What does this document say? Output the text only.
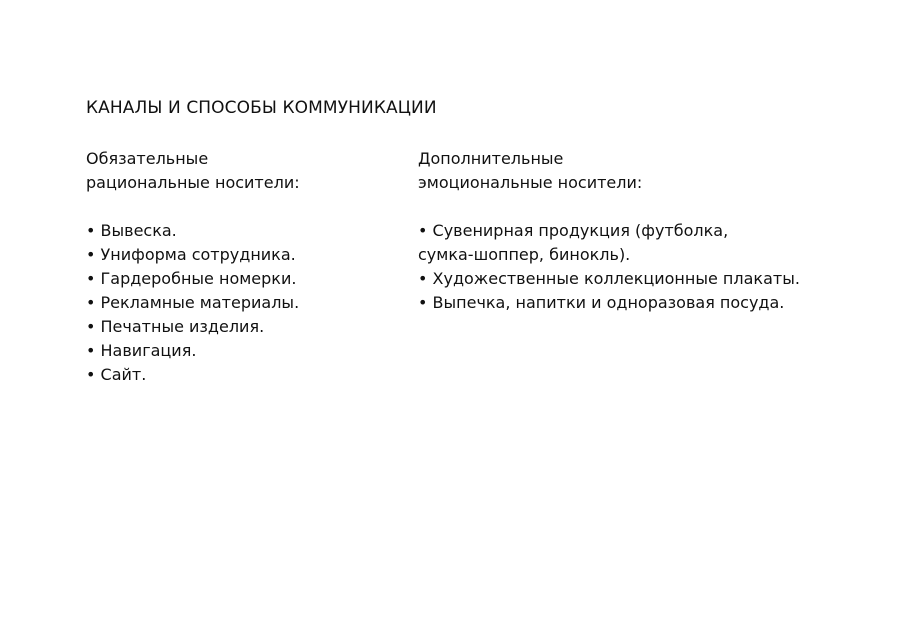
КАНАЛЫ И СПОСОБЫ КОММУНИКАЦИИ
Обязательные
рациональные носители:
• Вывеска.
• Униформа сотрудника.
• Гардеробные номерки.
• Рекламные материалы.
• Печатные изделия.
• Навигация.
• Сайт.
Дополнительные
эмоциональные носители:
• Сувенирная продукция (футболка,
сумка-шоппер, бинокль).
• Художественные коллекционные плакаты.
• Выпечка, напитки и одноразовая посуда.
